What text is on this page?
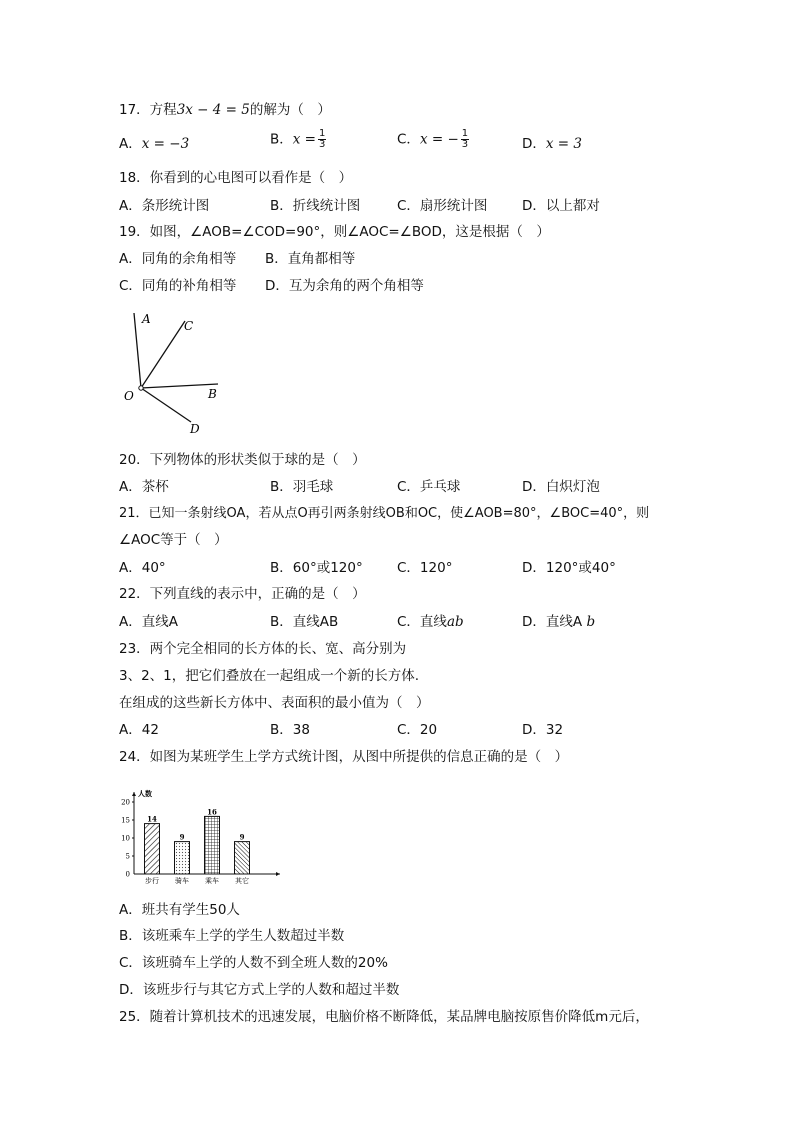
17．方程3x − 4 = 5的解为（　）
A．x = −3	B．$x = \frac{1}{3}$	C．x = − $\frac{1}{3}$	D．x = 3
18．你看到的心电图可以看作是（　）
A．条形统计图	B．折线统计图	C．扇形统计图	D．以上都对
19．如图，∠AOB=∠COD=90°，则∠AOC=∠BOD，这是根据（　）
A．同角的余角相等 B．直角都相等
C．同角的补角相等 D．互为余角的两个角相等
A	C
O	B
D
20．下列物体的形状类似于球的是（　）
A．茶杯	B．羽毛球	C．乒乓球	D．白炽灯泡
21．已知一条射线OA，若从点O再引两条射线OB和OC，使∠AOB=80°，∠BOC=40°，则
∠AOC等于（　）
A．40°	B．60°或120°	C．120°	D．120°或40°
22．下列直线的表示中，正确的是（　）
A．直线A	B．直线AB	C．直线ab	D．直线A b
23．两个完全相同的长方体的长、宽、高分别为
3、2、1，把它们叠放在一起组成一个新的长方体.
在组成的这些新长方体中、表面积的最小值为（　）
A．42	B．38	C．20	D．32
24．如图为某班学生上学方式统计图，从图中所提供的信息正确的是（　）
人数
0
5
10
15
20
14
步行
9
骑车
16
乘车
9
其它
A．班共有学生50人
B．该班乘车上学的学生人数超过半数
C．该班骑车上学的人数不到全班人数的20%
D．该班步行与其它方式上学的人数和超过半数
25．随着计算机技术的迅速发展，电脑价格不断降低，某品牌电脑按原售价降低m元后，
